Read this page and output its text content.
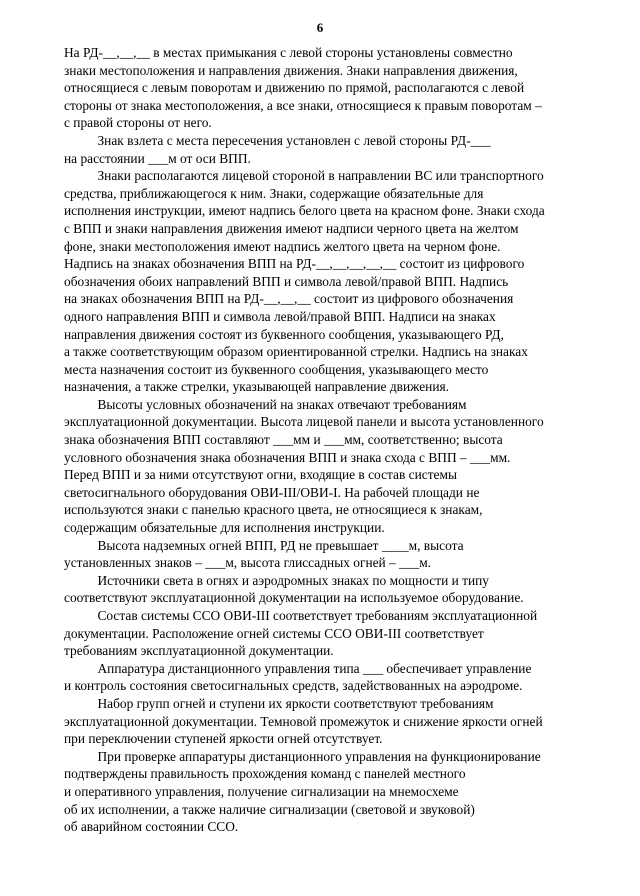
6
На РД-__,__,__ в местах примыкания с левой стороны установлены совместно
знаки местоположения и направления движения. Знаки направления движения,
относящиеся с левым поворотам и движению по прямой, располагаются с левой
стороны от знака местоположения, а все знаки, относящиеся к правым поворотам –
с правой стороны от него.
Знак взлета с места пересечения установлен с левой стороны РД-___
на расстоянии ___м от оси ВПП.
Знаки располагаются лицевой стороной в направлении ВС или транспортного
средства, приближающегося к ним. Знаки, содержащие обязательные для
исполнения инструкции, имеют надпись белого цвета на красном фоне. Знаки схода
с ВПП и знаки направления движения имеют надписи черного цвета на желтом
фоне, знаки местоположения имеют надпись желтого цвета на черном фоне.
Надпись на знаках обозначения ВПП на РД-__,__,__,__,__ состоит из цифрового
обозначения обоих направлений ВПП и символа левой/правой ВПП. Надпись
на знаках обозначения ВПП на РД-__,__,__ состоит из цифрового обозначения
одного направления ВПП и символа левой/правой ВПП. Надписи на знаках
направления движения состоят из буквенного сообщения, указывающего РД,
а также соответствующим образом ориентированной стрелки. Надпись на знаках
места назначения состоит из буквенного сообщения, указывающего место
назначения, а также стрелки, указывающей направление движения.
Высоты условных обозначений на знаках отвечают требованиям
эксплуатационной документации. Высота лицевой панели и высота установленного
знака обозначения ВПП составляют ___мм и ___мм, соответственно; высота
условного обозначения знака обозначения ВПП и знака схода с ВПП – ___мм.
Перед ВПП и за ними отсутствуют огни, входящие в состав системы
светосигнального оборудования ОВИ-III/ОВИ-I. На рабочей площади не
используются знаки с панелью красного цвета, не относящиеся к знакам,
содержащим обязательные для исполнения инструкции.
Высота надземных огней ВПП, РД не превышает ____м, высота
установленных знаков – ___м, высота глиссадных огней – ___м.
Источники света в огнях и аэродромных знаках по мощности и типу
соответствуют эксплуатационной документации на используемое оборудование.
Состав системы ССО ОВИ-III соответствует требованиям эксплуатационной
документации. Расположение огней системы ССО ОВИ-III соответствует
требованиям эксплуатационной документации.
Аппаратура дистанционного управления типа ___ обеспечивает управление
и контроль состояния светосигнальных средств, задействованных на аэродроме.
Набор групп огней и ступени их яркости соответствуют требованиям
эксплуатационной документации. Темновой промежуток и снижение яркости огней
при переключении ступеней яркости огней отсутствует.
При проверке аппаратуры дистанционного управления на функционирование
подтверждены правильность прохождения команд с панелей местного
и оперативного управления, получение сигнализации на мнемосхеме
об их исполнении, а также наличие сигнализации (световой и звуковой)
об аварийном состоянии ССО.
